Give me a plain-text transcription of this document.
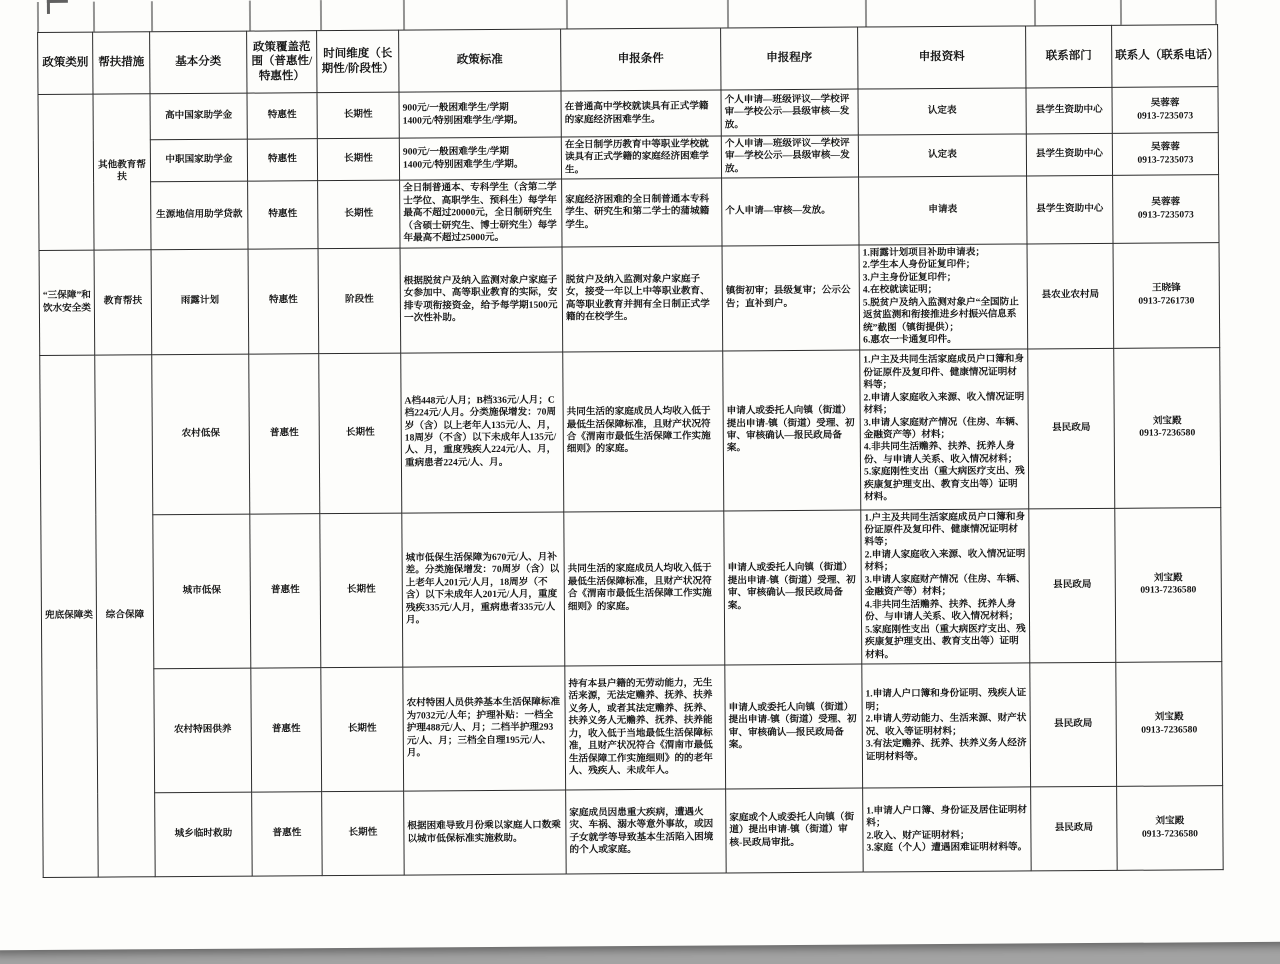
政策类别	帮扶措施	基本分类	政策覆盖范围（普惠性/特惠性）	时间维度（长期性/阶段性）	政策标准	申报条件	申报程序	申报资料	联系部门	联系人（联系电话）
	其他教育帮扶	高中国家助学金	特惠性	长期性	900元/一般困难学生/学期
1400元/特别困难学生/学期。	在普通高中学校就读具有正式学籍的家庭经济困难学生。	个人申请—班级评议—学校评审—学校公示—县级审核—发放。	认定表	县学生资助中心	吴蓉蓉
0913-7235073
		中职国家助学金	特惠性	长期性	900元/一般困难学生/学期
1400元/特别困难学生/学期。	在全日制学历教育中等职业学校就读具有正式学籍的家庭经济困难学生。	个人申请—班级评议—学校评审—学校公示—县级审核—发放。	认定表	县学生资助中心	吴蓉蓉
0913-7235073
		生源地信用助学贷款	特惠性	长期性	全日制普通本、专科学生（含第二学士学位、高职学生、预科生）每学年最高不超过20000元，全日制研究生（含硕士研究生、博士研究生）每学年最高不超过25000元。	家庭经济困难的全日制普通本专科学生、研究生和第二学士的蒲城籍学生。	个人申请—审核—发放。	申请表	县学生资助中心	吴蓉蓉
0913-7235073
“三保障”和饮水安全类	教育帮扶	雨露计划	特惠性	阶段性	根据脱贫户及纳入监测对象户家庭子女参加中、高等职业教育的实际，安排专项衔接资金，给予每学期1500元一次性补助。	脱贫户及纳入监测对象户家庭子女，接受一年以上中等职业教育、高等职业教育并拥有全日制正式学籍的在校学生。	镇街初审；县级复审；公示公告；直补到户。	1.雨露计划项目补助申请表；
2.学生本人身份证复印件；
3.户主身份证复印件；
4.在校就读证明；
5.脱贫户及纳入监测对象户“全国防止返贫监测和衔接推进乡村振兴信息系统”截图（镇街提供）；
6.惠农一卡通复印件。	县农业农村局	王晓锋
0913-7261730
兜底保障类	综合保障	农村低保	普惠性	长期性	A档448元/人月；B档336元/人月；C档224元/人月。分类施保增发：70周岁（含）以上老年人135元/人、月，18周岁（不含）以下未成年人135元/人、月，重度残疾人224元/人、月，重病患者224元/人、月。	共同生活的家庭成员人均收入低于最低生活保障标准，且财产状况符合《渭南市最低生活保障工作实施细则》的家庭。	申请人或委托人向镇（街道）提出申请-镇（街道）受理、初审、审核确认—报民政局备案。	1.户主及共同生活家庭成员户口簿和身份证原件及复印件、健康情况证明材料等；
2.申请人家庭收入来源、收入情况证明材料；
3.申请人家庭财产情况（住房、车辆、金融资产等）材料；
4.非共同生活赡养、扶养、抚养人身份、与申请人关系、收入情况材料；
5.家庭刚性支出（重大病医疗支出、残疾康复护理支出、教育支出等）证明材料。	县民政局	刘宝殿
0913-7236580
		城市低保	普惠性	长期性	城市低保生活保障为670元/人、月补差。分类施保增发：70周岁（含）以上老年人201元/人月，18周岁（不含）以下未成年人201元/人月，重度残疾335元/人月，重病患者335元/人月。	共同生活的家庭成员人均收入低于最低生活保障标准，且财产状况符合《渭南市最低生活保障工作实施细则》的家庭。	申请人或委托人向镇（街道）提出申请-镇（街道）受理、初审、审核确认—报民政局备案。	1.户主及共同生活家庭成员户口簿和身份证原件及复印件、健康情况证明材料等；
2.申请人家庭收入来源、收入情况证明材料；
3.申请人家庭财产情况（住房、车辆、金融资产等）材料；
4.非共同生活赡养、扶养、抚养人身份、与申请人关系、收入情况材料；
5.家庭刚性支出（重大病医疗支出、残疾康复护理支出、教育支出等）证明材料。	县民政局	刘宝殿
0913-7236580
		农村特困供养	普惠性	长期性	农村特困人员供养基本生活保障标准为7032元/人年；护理补贴：一档全护理488元/人、月；二档半护理293元/人、月；三档全自理195元/人、月。	持有本县户籍的无劳动能力，无生活来源，无法定赡养、抚养、扶养义务人，或者其法定赡养、抚养、扶养义务人无赡养、抚养、扶养能力，收入低于当地最低生活保障标准，且财产状况符合《渭南市最低生活保障工作实施细则》的的老年人、残疾人、未成年人。	申请人或委托人向镇（街道）提出申请-镇（街道）受理、初审、审核确认—报民政局备案。	1.申请人户口簿和身份证明、残疾人证明；
2.申请人劳动能力、生活来源、财产状况、收入等证明材料；
3.有法定赡养、抚养、扶养义务人经济证明材料等。	县民政局	刘宝殿
0913-7236580
		城乡临时救助	普惠性	长期性	根据困难导致月份乘以家庭人口数乘以城市低保标准实施救助。	家庭成员因患重大疾病，遭遇火灾、车祸、溺水等意外事故，或因子女就学等导致基本生活陷入困境的个人或家庭。	家庭或个人或委托人向镇（街道）提出申请-镇（街道）审核-民政局审批。	1.申请人户口簿、身份证及居住证明材料；
2.收入、财产证明材料；
3.家庭（个人）遭遇困难证明材料等。	县民政局	刘宝殿
0913-7236580
